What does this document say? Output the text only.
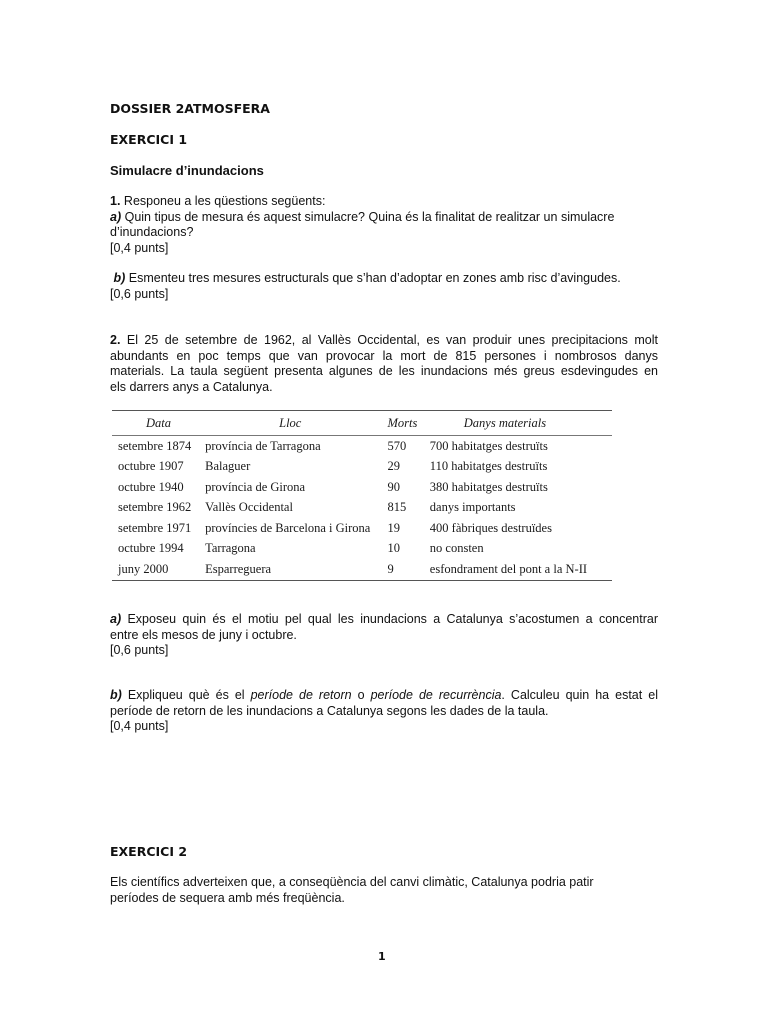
DOSSIER 2ATMOSFERA
EXERCICI 1
Simulacre d’inundacions
1. Responeu a les qüestions següents:
a) Quin tipus de mesura és aquest simulacre? Quina és la finalitat de realitzar un simulacre
d’inundacions?
[0,4 punts]
b) Esmenteu tres mesures estructurals que s’han d’adoptar en zones amb risc d’avingudes.
[0,6 punts]
2. El 25 de setembre de 1962, al Vallès Occidental, es van produir unes precipitacions molt
abundants en poc temps que van provocar la mort de 815 persones i nombrosos danys
materials. La taula següent presenta algunes de les inundacions més greus esdevingudes en
els darrers anys a Catalunya.
Data	Lloc	Morts	Danys materials
setembre 1874	província de Tarragona	570	700 habitatges destruïts
octubre 1907	Balaguer	29	110 habitatges destruïts
octubre 1940	província de Girona	90	380 habitatges destruïts
setembre 1962	Vallès Occidental	815	danys importants
setembre 1971	províncies de Barcelona i Girona	19	400 fàbriques destruïdes
octubre 1994	Tarragona	10	no consten
juny 2000	Esparreguera	9	esfondrament del pont a la N-II
a) Exposeu quin és el motiu pel qual les inundacions a Catalunya s’acostumen a concentrar
entre els mesos de juny i octubre.
[0,6 punts]
b) Expliqueu què és el període de retorn o període de recurrència. Calculeu quin ha estat el
període de retorn de les inundacions a Catalunya segons les dades de la taula.
[0,4 punts]
EXERCICI 2
Els científics adverteixen que, a conseqüència del canvi climàtic, Catalunya podria patir
períodes de sequera amb més freqüència.
1
